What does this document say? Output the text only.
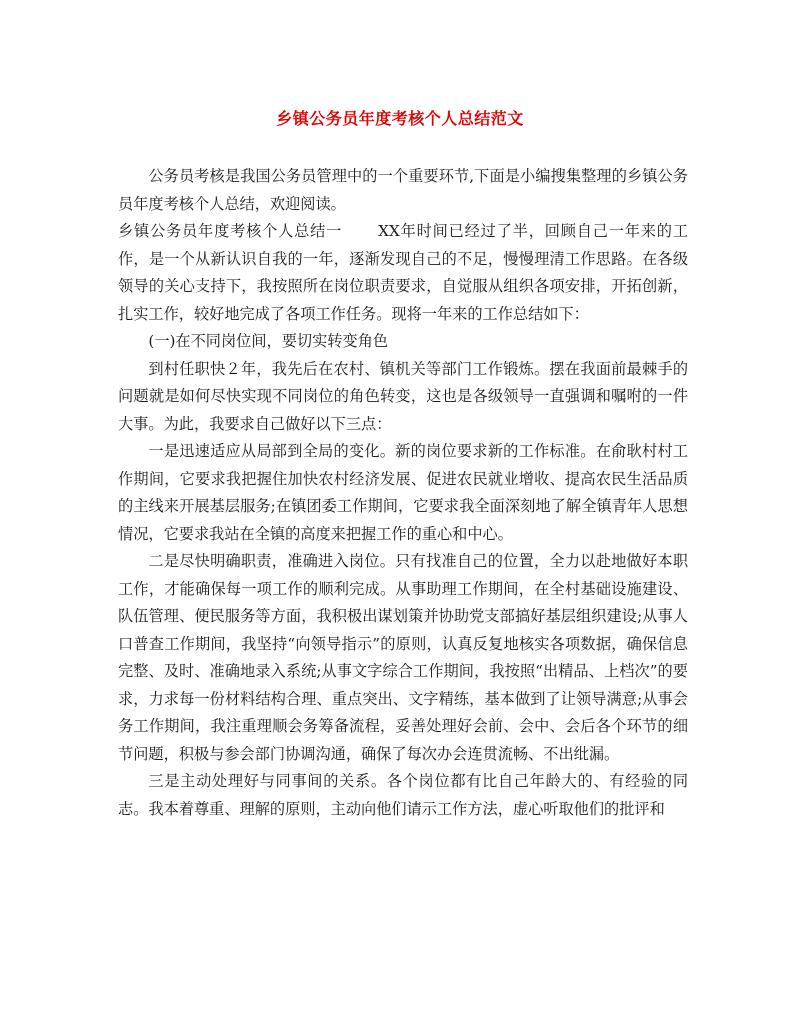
乡镇公务员年度考核个人总结范文

公务员考核是我国公务员管理中的一个重要环节,下面是小编搜集整理的乡镇公务员年度考核个人总结，欢迎阅读。

乡镇公务员年度考核个人总结一 XX年时间已经过了半，回顾自己一年来的工作，是一个从新认识自我的一年，逐渐发现自己的不足，慢慢理清工作思路。在各级领导的关心支持下，我按照所在岗位职责要求，自觉服从组织各项安排，开拓创新，扎实工作，较好地完成了各项工作任务。现将一年来的工作总结如下：

(一)在不同岗位间，要切实转变角色

到村任职快２年，我先后在农村、镇机关等部门工作锻炼。摆在我面前最棘手的问题就是如何尽快实现不同岗位的角色转变，这也是各级领导一直强调和嘱咐的一件大事。为此，我要求自己做好以下三点：

一是迅速适应从局部到全局的变化。新的岗位要求新的工作标准。在俞耿村村工作期间，它要求我把握住加快农村经济发展、促进农民就业增收、提高农民生活品质的主线来开展基层服务;在镇团委工作期间，它要求我全面深刻地了解全镇青年人思想情况，它要求我站在全镇的高度来把握工作的重心和中心。

二是尽快明确职责，准确进入岗位。只有找准自己的位置，全力以赴地做好本职工作，才能确保每一项工作的顺利完成。从事助理工作期间，在全村基础设施建设、队伍管理、便民服务等方面，我积极出谋划策并协助党支部搞好基层组织建设;从事人口普查工作期间，我坚持“向领导指示”的原则，认真反复地核实各项数据，确保信息完整、及时、准确地录入系统;从事文字综合工作期间，我按照“出精品、上档次”的要求，力求每一份材料结构合理、重点突出、文字精练，基本做到了让领导满意;从事会务工作期间，我注重理顺会务筹备流程，妥善处理好会前、会中、会后各个环节的细节问题，积极与参会部门协调沟通，确保了每次办会连贯流畅、不出纰漏。

三是主动处理好与同事间的关系。各个岗位都有比自己年龄大的、有经验的同志。我本着尊重、理解的原则，主动向他们请示工作方法，虚心听取他们的批评和
